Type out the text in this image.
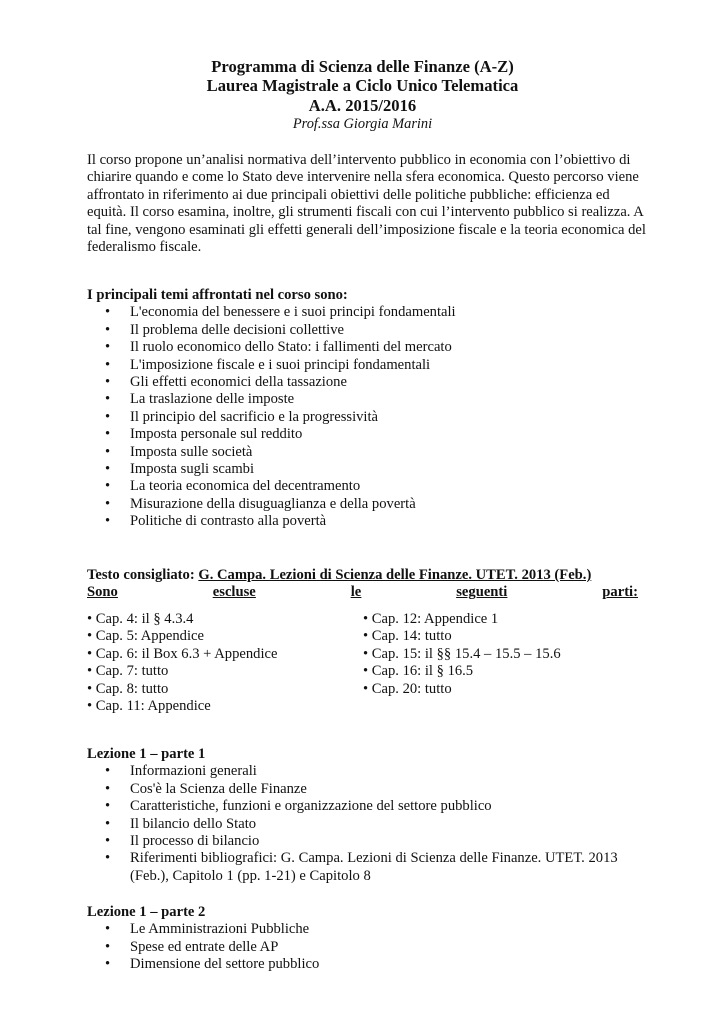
Programma di Scienza delle Finanze (A-Z)
Laurea Magistrale a Ciclo Unico Telematica
A.A. 2015/2016
Prof.ssa Giorgia Marini
Il corso propone un’analisi normativa dell’intervento pubblico in economia con l’obiettivo di chiarire quando e come lo Stato deve intervenire nella sfera economica. Questo percorso viene affrontato in riferimento ai due principali obiettivi delle politiche pubbliche: efficienza ed equità. Il corso esamina, inoltre, gli strumenti fiscali con cui l’intervento pubblico si realizza. A tal fine, vengono esaminati gli effetti generali dell’imposizione fiscale e la teoria economica del federalismo fiscale.
I principali temi affrontati nel corso sono:
• L'economia del benessere e i suoi principi fondamentali
• Il problema delle decisioni collettive
• Il ruolo economico dello Stato: i fallimenti del mercato
• L'imposizione fiscale e i suoi principi fondamentali
• Gli effetti economici della tassazione
• La traslazione delle imposte
• Il principio del sacrificio e la progressività
• Imposta personale sul reddito
• Imposta sulle società
• Imposta sugli scambi
• La teoria economica del decentramento
• Misurazione della disuguaglianza e della povertà
• Politiche di contrasto alla povertà
Testo consigliato: G. Campa. Lezioni di Scienza delle Finanze. UTET. 2013 (Feb.)
Sono	escluse	le	seguenti	parti:
• Cap. 4: il § 4.3.4
• Cap. 5: Appendice
• Cap. 6: il Box 6.3 + Appendice
• Cap. 7: tutto
• Cap. 8: tutto
• Cap. 11: Appendice
• Cap. 12: Appendice 1
• Cap. 14: tutto
• Cap. 15: il §§ 15.4 – 15.5 – 15.6
• Cap. 16: il § 16.5
• Cap. 20: tutto
Lezione 1 – parte 1
• Informazioni generali
• Cos'è la Scienza delle Finanze
• Caratteristiche, funzioni e organizzazione del settore pubblico
• Il bilancio dello Stato
• Il processo di bilancio
• Riferimenti bibliografici: G. Campa. Lezioni di Scienza delle Finanze. UTET. 2013 (Feb.), Capitolo 1 (pp. 1-21) e Capitolo 8
Lezione 1 – parte 2
• Le Amministrazioni Pubbliche
• Spese ed entrate delle AP
• Dimensione del settore pubblico
